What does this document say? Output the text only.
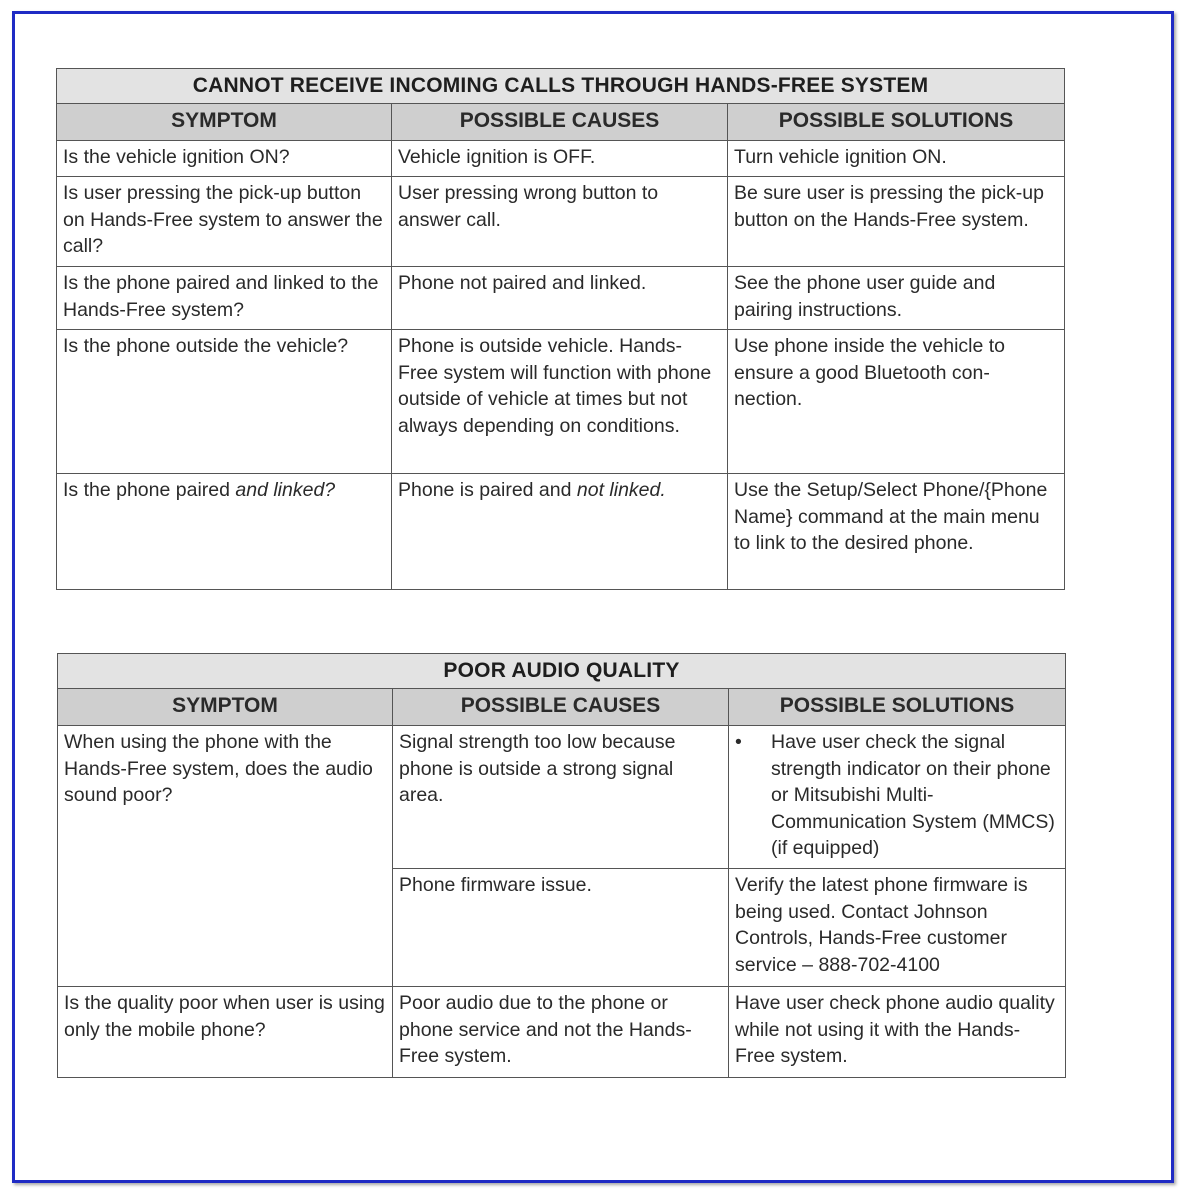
CANNOT RECEIVE INCOMING CALLS THROUGH HANDS-FREE SYSTEM		
SYMPTOM	POSSIBLE CAUSES	POSSIBLE SOLUTIONS
Is the vehicle ignition ON?	Vehicle ignition is OFF.	Turn vehicle ignition ON.
Is user pressing the pick-up button on Hands-Free system to answer the call?	User pressing wrong button to answer call.	Be sure user is pressing the pick-up button on the Hands-Free system.
Is the phone paired and linked to the Hands-Free system?	Phone not paired and linked.	See the phone user guide and pairing instructions.
Is the phone outside the vehicle?	Phone is outside vehicle. Hands-Free system will function with phone outside of vehicle at times but not always depending on conditions.	Use phone inside the vehicle to ensure a good Bluetooth con-nection.
Is the phone paired and linked?	Phone is paired and not linked.	Use the Setup/Select Phone/{Phone Name} command at the main menu to link to the desired phone.
POOR AUDIO QUALITY		
SYMPTOM	POSSIBLE CAUSES	POSSIBLE SOLUTIONS
When using the phone with the Hands-Free system, does the audio sound poor?	Signal strength too low because phone is outside a strong signal area.	• Have user check the signal strength indicator on their phone or Mitsubishi Multi-Communication System (MMCS) (if equipped)

	Phone firmware issue.	Verify the latest phone firmware is being used. Contact Johnson Controls, Hands-Free customer service – 888-702-4100
Is the quality poor when user is using only the mobile phone?	Poor audio due to the phone or phone service and not the Hands-Free system.	Have user check phone audio quality while not using it with the Hands-Free system.
